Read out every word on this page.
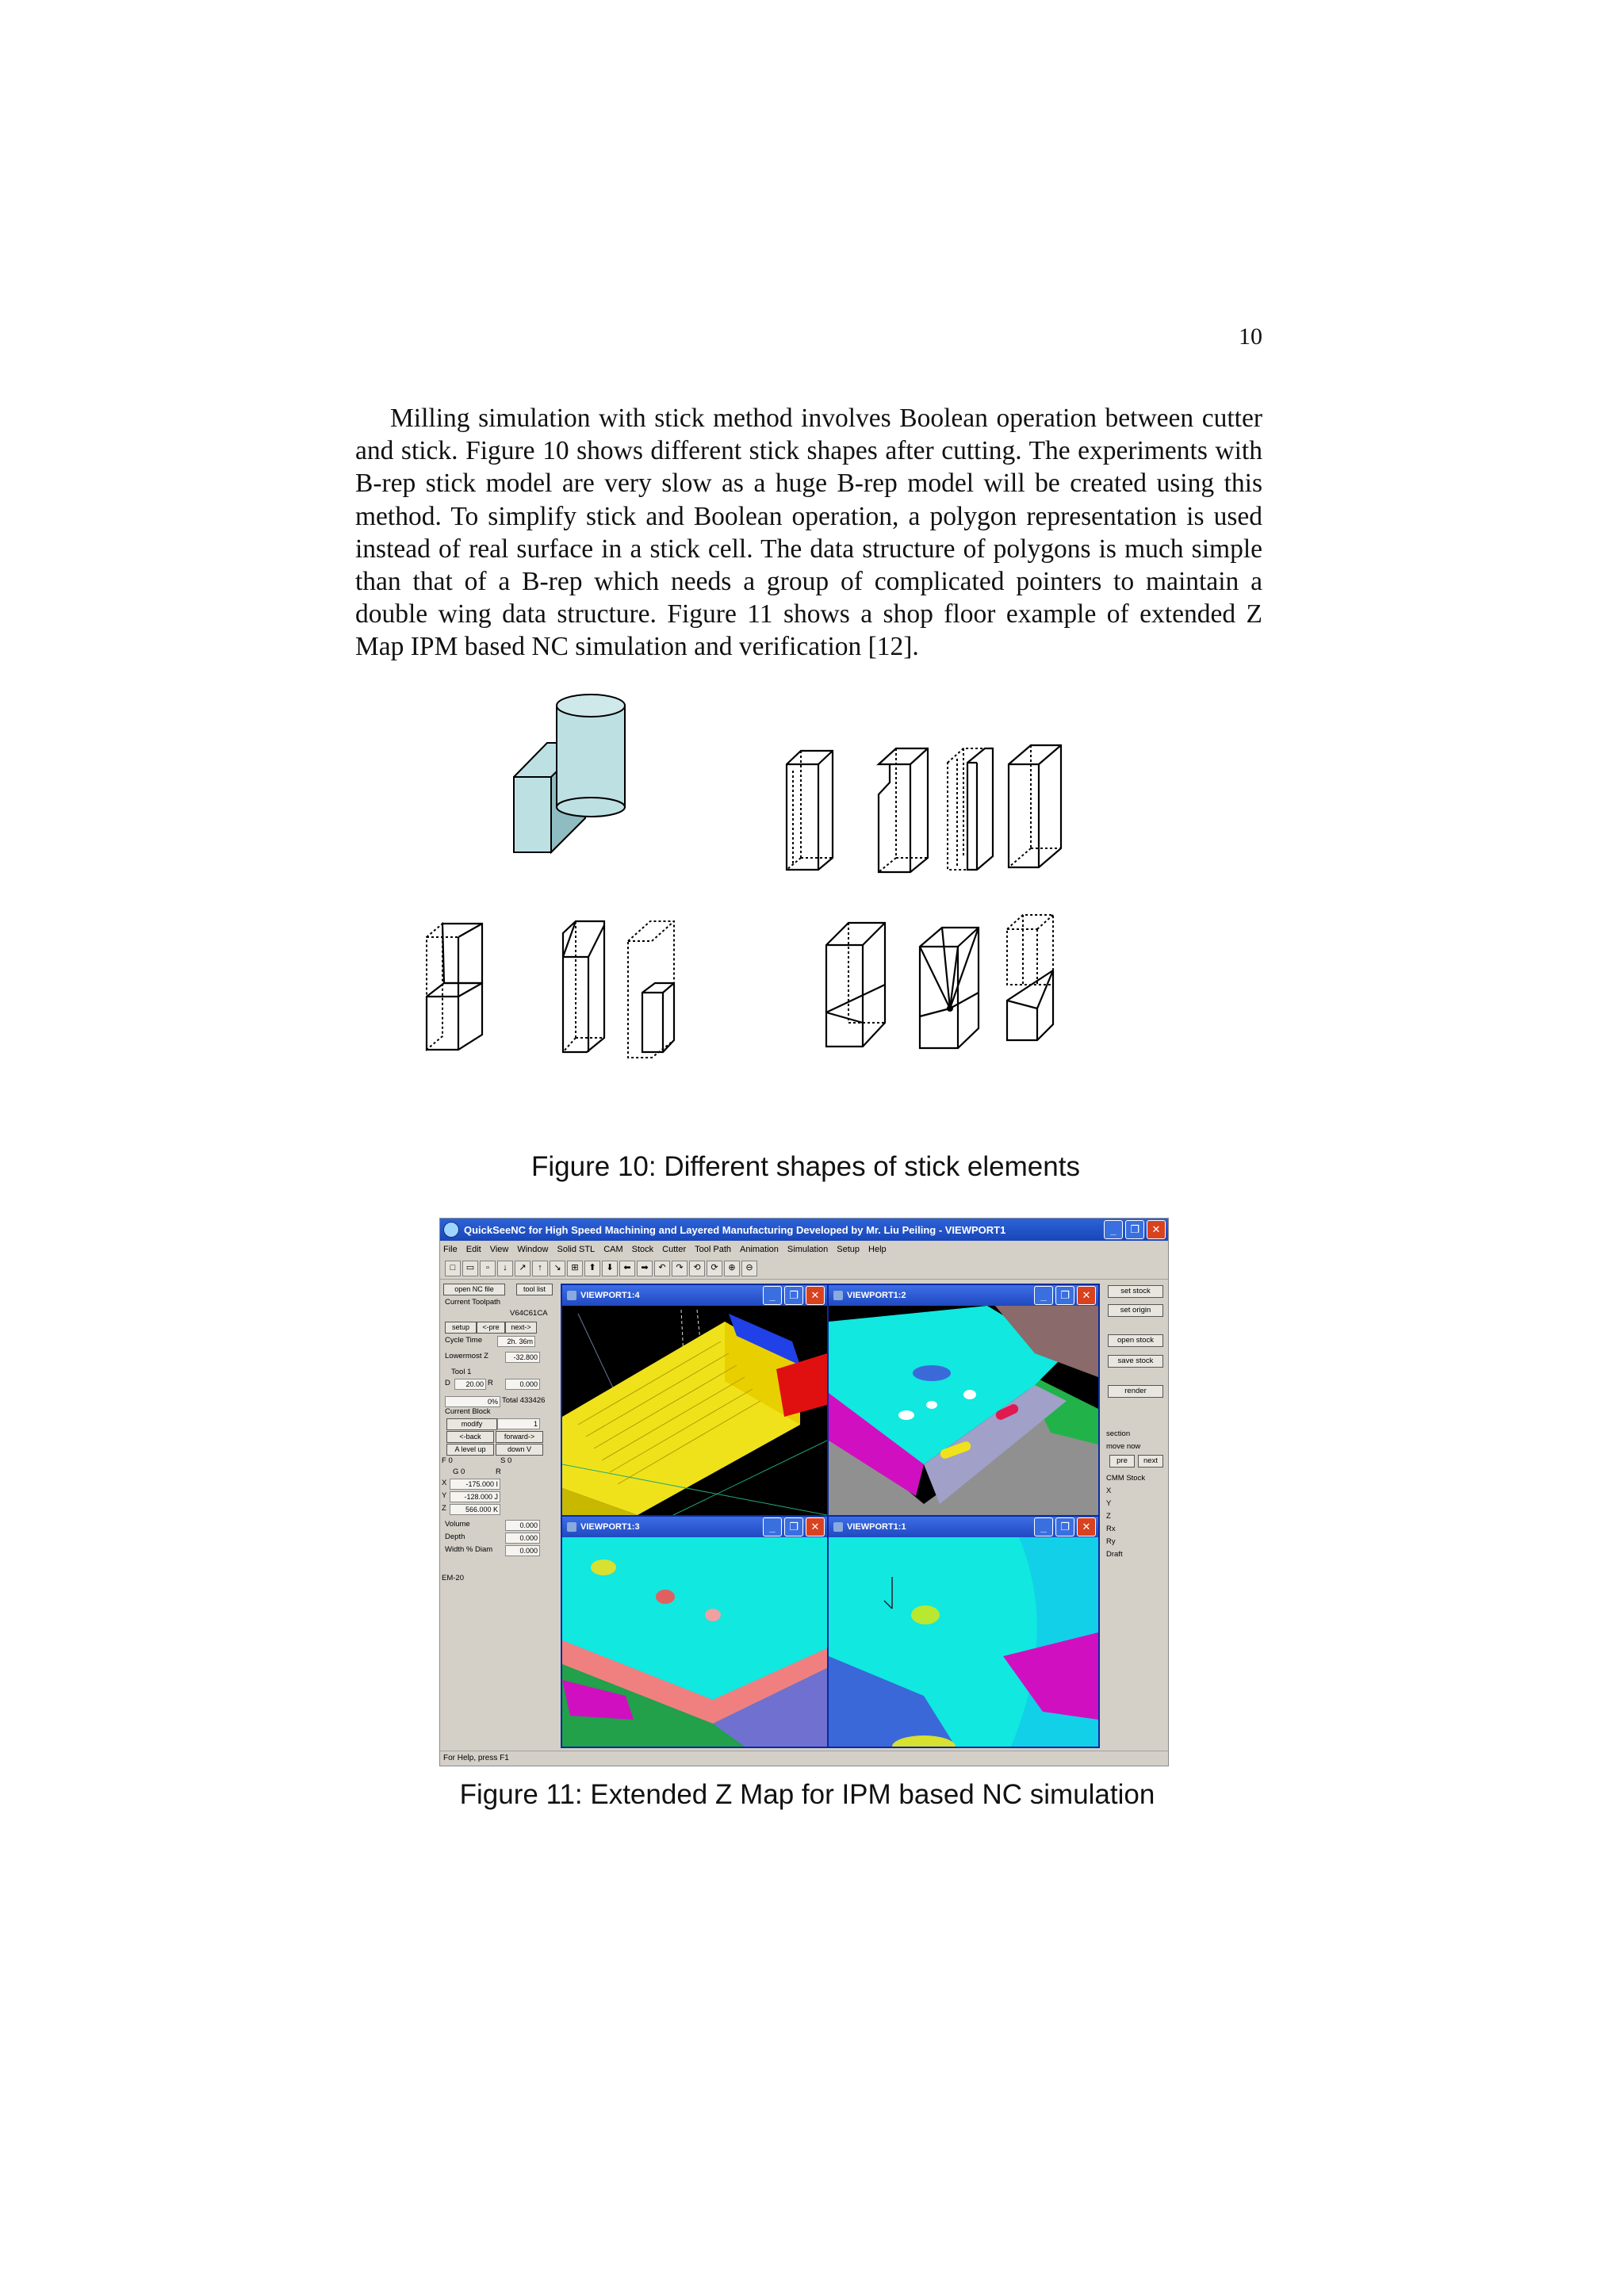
10

Milling simulation with stick method involves Boolean operation between cutter and stick. Figure 10 shows different stick shapes after cutting. The experiments with B-rep stick model are very slow as a huge B-rep model will be created using this method. To simplify stick and Boolean operation, a polygon representation is used instead of real surface in a stick cell. The data structure of polygons is much simple than that of a B-rep which needs a group of complicated pointers to maintain a double wing data structure. Figure 11 shows a shop floor example of extended Z Map IPM based NC simulation and verification [12].

Figure 10: Different shapes of stick elements
QuickSeeNC for High Speed Machining and Layered Manufacturing Developed by Mr. Liu Peiling - VIEWPORT1	_	❐	✕
File Edit View Window Solid STL CAM Stock Cutter Tool Path Animation Simulation Setup Help
□	▭	▫	↓	↗	↑	↘	⊞	⬆	⬇	⬅	➡	↶	↷	⟲	⟳	⊕	⊖
open NC file	tool list
Current Toolpath
V64C61CA
setup	<-pre	next->
Cycle Time	2h. 36m
Lowermost Z	-32.800
Tool 1
D	20.00 R	0.000
0% Total 433426
Current Block
modify	1
<-back	forward->
A level up	down V
F 0	S 0
G 0	R
X	-175.000 I
Y	-128.000 J
Z	566.000 K
Volume	0.000
Depth	0.000
Width % Diam	0.000
EM-20
VIEWPORT1:4	_	❐	✕	VIEWPORT1:2	_	❐	✕
VIEWPORT1:3	_	❐	✕	VIEWPORT1:1	_	❐	✕
set stock
set origin
open stock
save stock
render
section
move now
pre	next
CMM Stock
X
Y
Z
Rx
Ry
Draft
For Help, press F1
Figure 11: Extended Z Map for IPM based NC simulation
